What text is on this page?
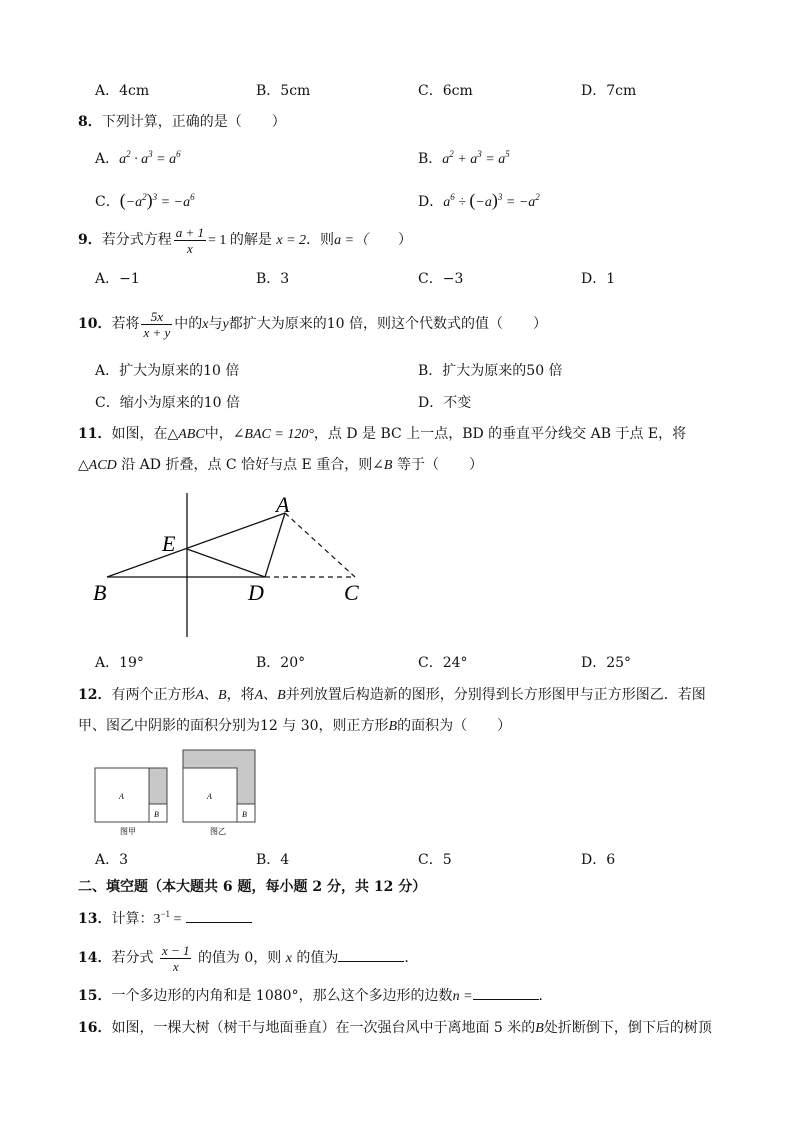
A．4cm	B．5cm	C．6cm	D．7cm
8．下列计算，正确的是（ ）
A．$a^2 \cdot a^3 = a^6$	B．$a^2 + a^3 = a^5$
C．$(-a^2)^3 = -a^6$	D．$a^6 \div (-a)^3 = -a^2$
9．若分式方程 $\frac{a + 1}{x} = 1$ 的解是 x = 2．则a =（ ）
A．−1	B．3	C．−3	D．1
10．若将 $\frac{5x}{x + y}$ 中的x与y都扩大为原来的10 倍，则这个代数式的值（ ）
A．扩大为原来的10 倍	B．扩大为原来的50 倍
C．缩小为原来的10 倍	D．不变
11．如图，在△ABC中，∠BAC = 120°，点 D 是 BC 上一点，BD 的垂直平分线交 AB 于点 E，将
△ACD 沿 AD 折叠，点 C 恰好与点 E 重合，则∠B 等于（ ）
A
E
B	D	C
A．19°	B．20°	C．24°	D．25°
12．有两个正方形A、B，将A、B并列放置后构造新的图形，分别得到长方形图甲与正方形图乙．若图
甲、图乙中阴影的面积分别为12 与 30，则正方形B的面积为（ ）
A
B
图甲
A
B
图乙
A．3	B．4	C．5	D．6
二、填空题（本大题共 6 题，每小题 2 分，共 12 分）
13．计算：$3^{-1}$ =
14．若分式 $\frac{x - 1}{x}$ 的值为 0，则 x 的值为	.
15．一个多边形的内角和是 1080°，那么这个多边形的边数n =	．
16．如图，一棵大树（树干与地面垂直）在一次强台风中于离地面 5 米的B处折断倒下，倒下后的树顶
